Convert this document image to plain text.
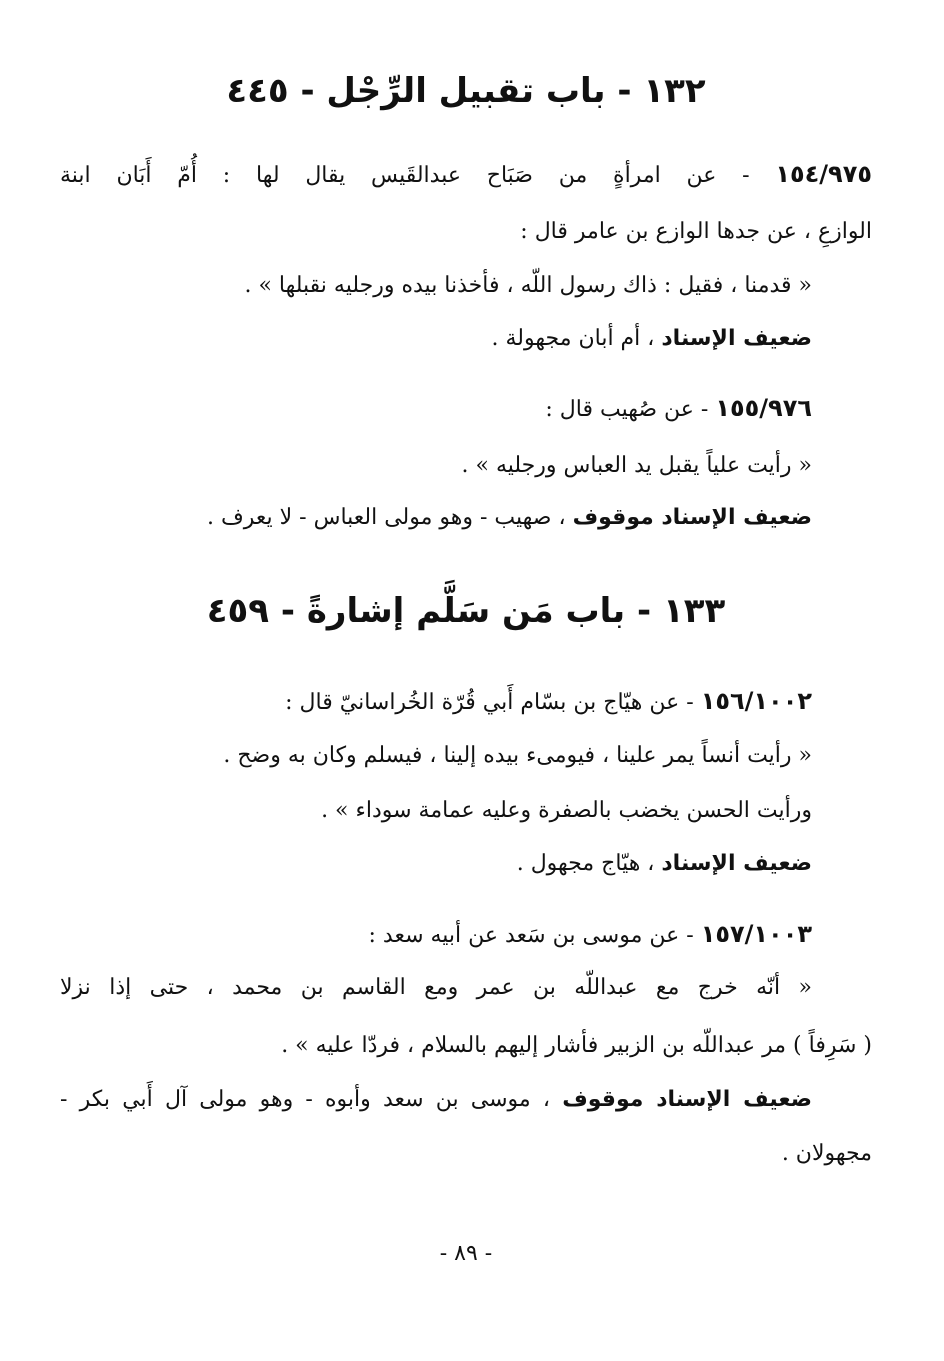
١٣٢ - باب تقبيل الرِّجْل - ٤٤٥
١٥٤/٩٧٥ - عن امرأةٍ من صَبَاح عبدالقَيس يقال لها : أُمّ أَبَان ابنة
الوازعِ ، عن جدها الوازع بن عامر قال :
« قدمنا ، فقيل : ذاك رسول اللّه ، فأخذنا بيده ورجليه نقبلها » .
ضعيف الإسناد ، أم أبان مجهولة .
١٥٥/٩٧٦ - عن صُهيب قال :
« رأيت علياً يقبل يد العباس ورجليه » .
ضعيف الإسناد موقوف ، صهيب - وهو مولى العباس - لا يعرف .
١٣٣ - باب مَن سَلَّم إشارةً - ٤٥٩
١٥٦/١٠٠٢ - عن هيّاج بن بسّام أَبي قُرّة الخُراسانيّ قال :
« رأيت أنساً يمر علينا ، فيومىء بيده إلينا ، فيسلم وكان به وضح .
ورأيت الحسن يخضب بالصفرة وعليه عمامة سوداء » .
ضعيف الإسناد ، هيّاج مجهول .
١٥٧/١٠٠٣ - عن موسى بن سَعد عن أبيه سعد :
« أنّه خرج مع عبداللّه بن عمر ومع القاسم بن محمد ، حتى إذا نزلا
( سَرِفاً ) مر عبداللّه بن الزبير فأشار إليهم بالسلام ، فردّا عليه » .
ضعيف الإسناد موقوف ، موسى بن سعد وأبوه - وهو مولى آل أَبي بكر -
مجهولان .
- ٨٩ -
